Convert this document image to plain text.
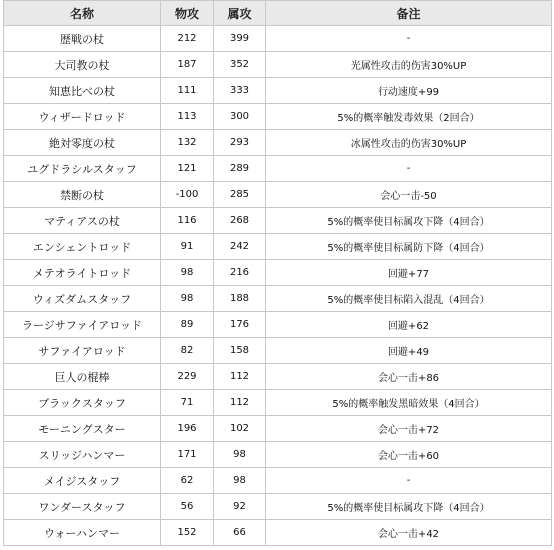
名称	物攻	属攻	备注
歴戦の杖	212	399	-
大司教の杖	187	352	光属性攻击的伤害30%UP
知恵比べの杖	111	333	行动速度+99
ウィザードロッド	113	300	5%的概率触发毒效果（2回合）
絶対零度の杖	132	293	冰属性攻击的伤害30%UP
ユグドラシルスタッフ	121	289	-
禁断の杖	-100	285	会心一击-50
マティアスの杖	116	268	5%的概率使目标属攻下降（4回合）
エンシェントロッド	91	242	5%的概率使目标属防下降（4回合）
メテオライトロッド	98	216	回避+77
ウィズダムスタッフ	98	188	5%的概率使目标陷入混乱（4回合）
ラージサファイアロッド	89	176	回避+62
サファイアロッド	82	158	回避+49
巨人の棍棒	229	112	会心一击+86
ブラックスタッフ	71	112	5%的概率触发黑暗效果（4回合）
モーニングスター	196	102	会心一击+72
スリッジハンマー	171	98	会心一击+60
メイジスタッフ	62	98	-
ワンダースタッフ	56	92	5%的概率使目标属攻下降（4回合）
ウォーハンマー	152	66	会心一击+42
